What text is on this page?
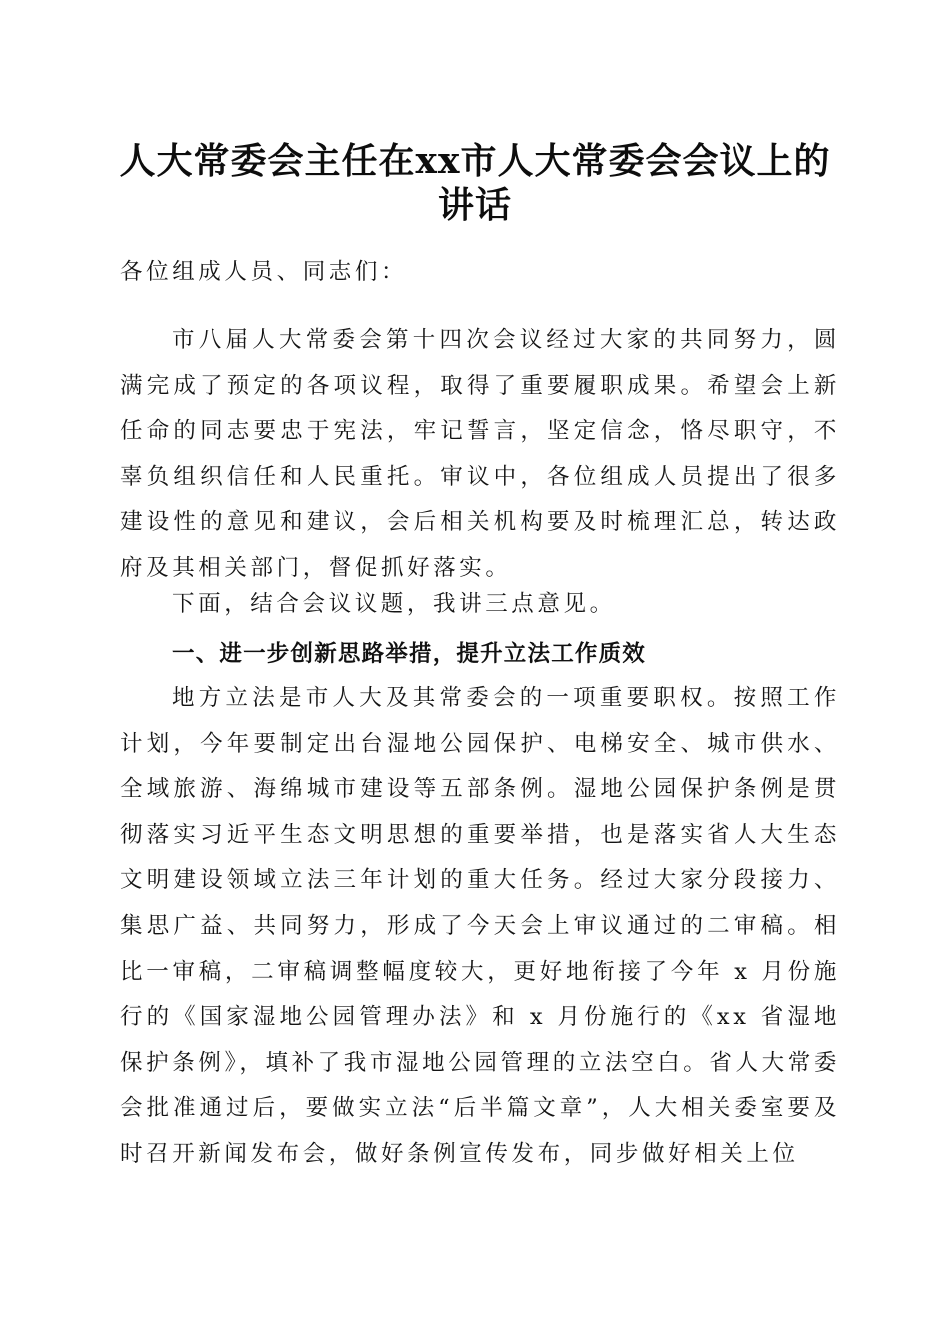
人大常委会主任在xx市人大常委会会议上的
讲话
各位组成人员、同志们：
市八届人大常委会第十四次会议经过大家的共同努力，圆满完成了预定的各项议程，取得了重要履职成果。希望会上新任命的同志要忠于宪法，牢记誓言，坚定信念，恪尽职守，不辜负组织信任和人民重托。审议中，各位组成人员提出了很多建设性的意见和建议，会后相关机构要及时梳理汇总，转达政府及其相关部门，督促抓好落实。
下面，结合会议议题，我讲三点意见。
一、进一步创新思路举措，提升立法工作质效
地方立法是市人大及其常委会的一项重要职权。按照工作计划，今年要制定出台湿地公园保护、电梯安全、城市供水、全域旅游、海绵城市建设等五部条例。湿地公园保护条例是贯彻落实习近平生态文明思想的重要举措，也是落实省人大生态文明建设领域立法三年计划的重大任务。经过大家分段接力、集思广益、共同努力，形成了今天会上审议通过的二审稿。相比一审稿，二审稿调整幅度较大，更好地衔接了今年 x 月份施行的《国家湿地公园管理办法》和 x 月份施行的《xx 省湿地保护条例》，填补了我市湿地公园管理的立法空白。省人大常委会批准通过后，要做实立法“后半篇文章”，人大相关委室要及时召开新闻发布会，做好条例宣传发布，同步做好相关上位
